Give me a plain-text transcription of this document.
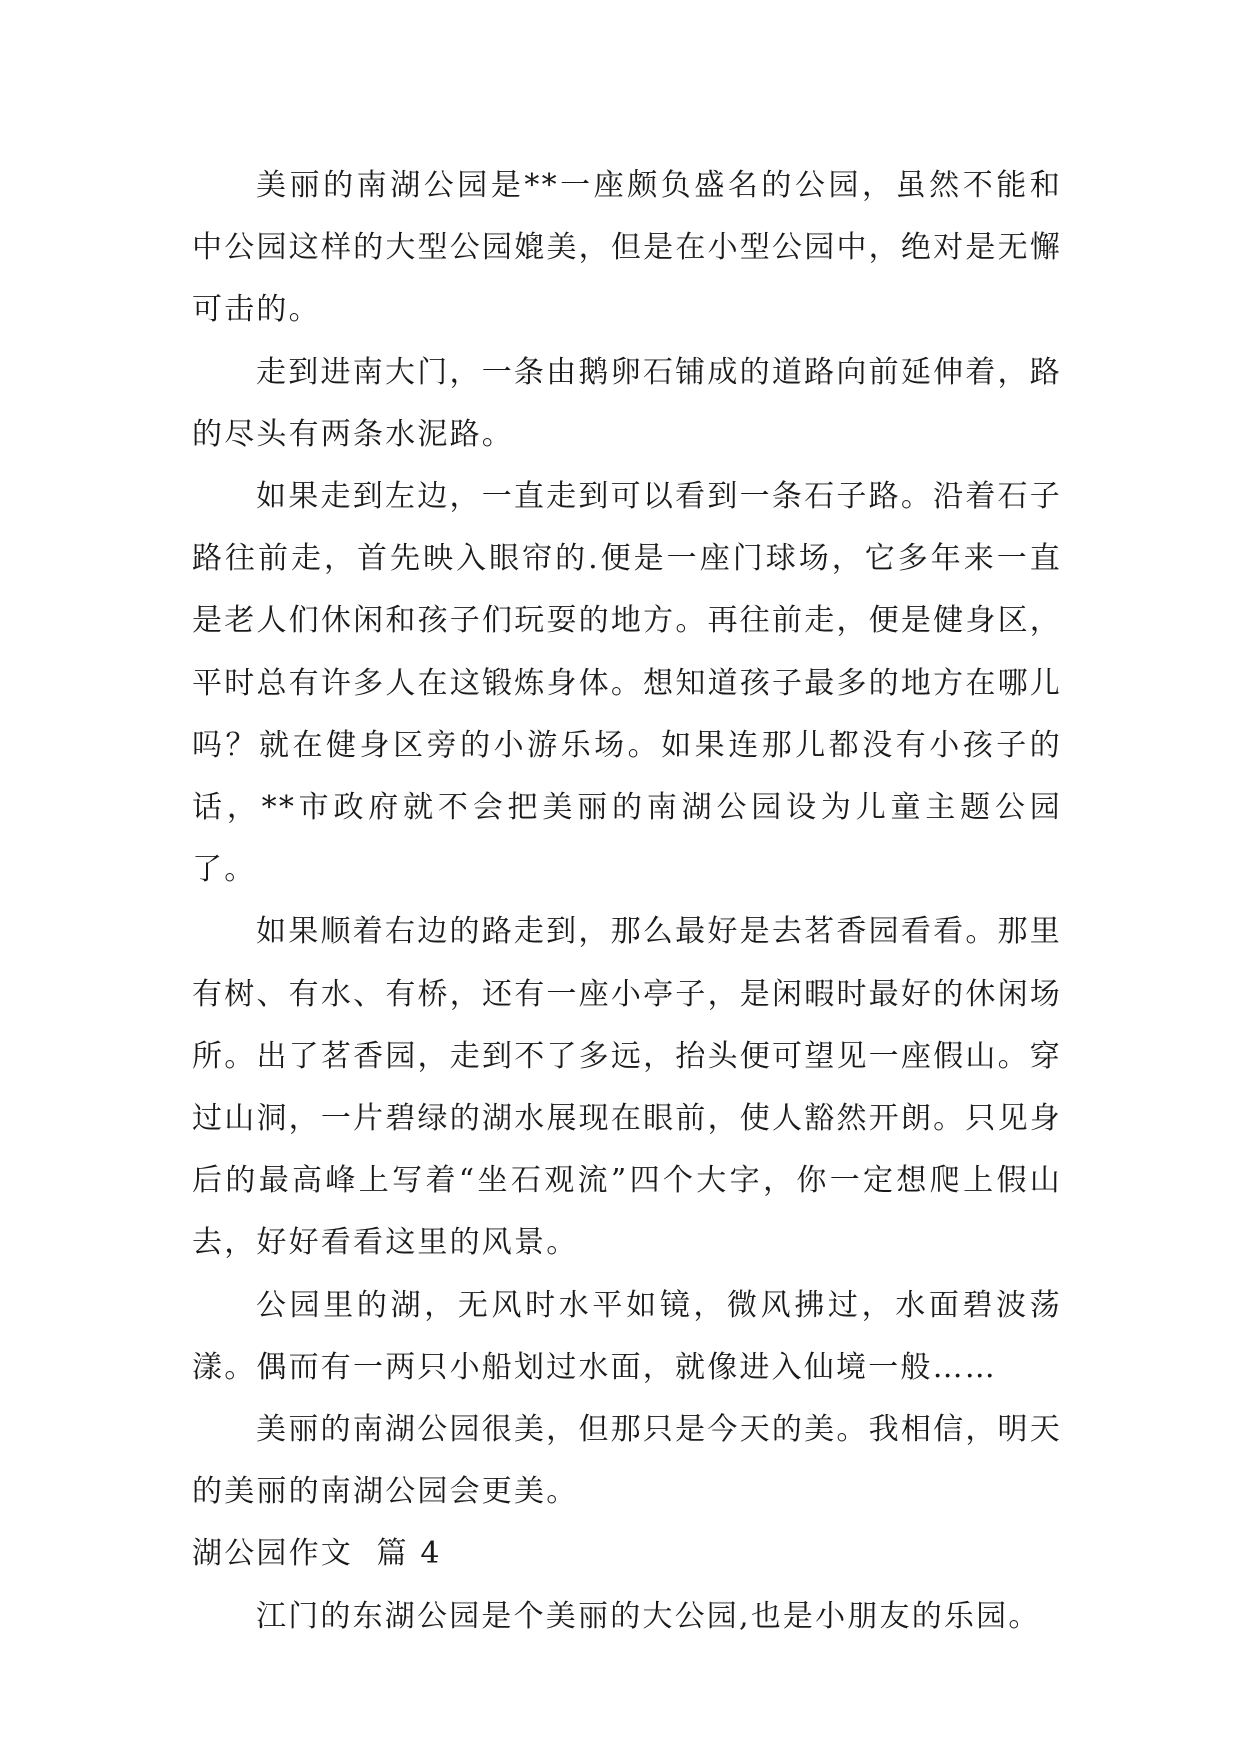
美丽的南湖公园是**一座颇负盛名的公园，虽然不能和中公园这样的大型公园媲美，但是在小型公园中，绝对是无懈可击的。

走到进南大门，一条由鹅卵石铺成的道路向前延伸着，路的尽头有两条水泥路。

如果走到左边，一直走到可以看到一条石子路。沿着石子路往前走，首先映入眼帘的.便是一座门球场，它多年来一直是老人们休闲和孩子们玩耍的地方。再往前走，便是健身区，平时总有许多人在这锻炼身体。想知道孩子最多的地方在哪儿吗？就在健身区旁的小游乐场。如果连那儿都没有小孩子的话，**市政府就不会把美丽的南湖公园设为儿童主题公园了。

如果顺着右边的路走到，那么最好是去茗香园看看。那里有树、有水、有桥，还有一座小亭子，是闲暇时最好的休闲场所。出了茗香园，走到不了多远，抬头便可望见一座假山。穿过山洞，一片碧绿的湖水展现在眼前，使人豁然开朗。只见身后的最高峰上写着“坐石观流”四个大字，你一定想爬上假山去，好好看看这里的风景。

公园里的湖，无风时水平如镜，微风拂过，水面碧波荡漾。偶而有一两只小船划过水面，就像进入仙境一般……

美丽的南湖公园很美，但那只是今天的美。我相信，明天的美丽的南湖公园会更美。

湖公园作文  篇 4

江门的东湖公园是个美丽的大公园,也是小朋友的乐园。
